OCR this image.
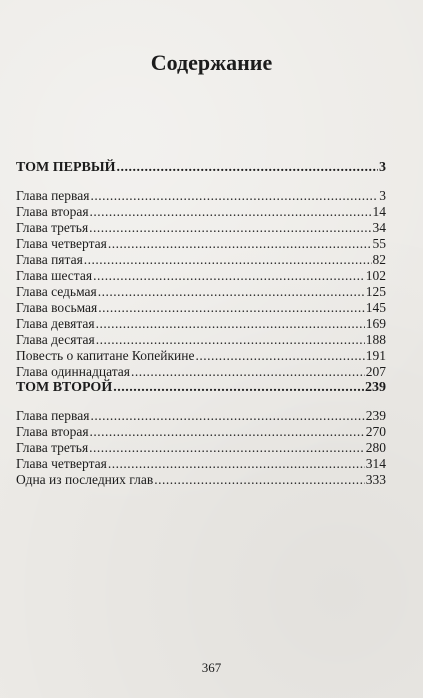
Содержание
ТОМ ПЕРВЫЙ .....	3
Глава первая .....	3
Глава вторая .....	14
Глава третья .....	34
Глава четвертая .....	55
Глава пятая .....	82
Глава шестая .....	102
Глава седьмая .....	125
Глава восьмая .....	145
Глава девятая .....	169
Глава десятая .....	188
Повесть о капитане Копейкине .....	191
Глава одиннадцатая .....	207
ТОМ ВТОРОЙ .....	239
Глава первая .....	239
Глава вторая .....	270
Глава третья .....	280
Глава четвертая .....	314
Одна из последних глав .....	333
367
